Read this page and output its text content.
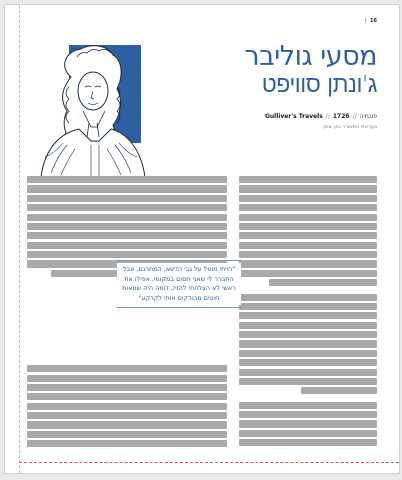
16|
מסעי גוליבר
ג'ונתן סוויפט
פנטזיה//1726//Gulliver's Travels
בעריכת המשורר נתן יונתן
"הייתי מוטל על גבי הדשא, המתרגם, אבל התברר לי שאני חסום במקומי, אפילו את ראשי לא הצלחתי להזיז, דומה היה שמאות חוטים מהודקים אותי לקרקע"
